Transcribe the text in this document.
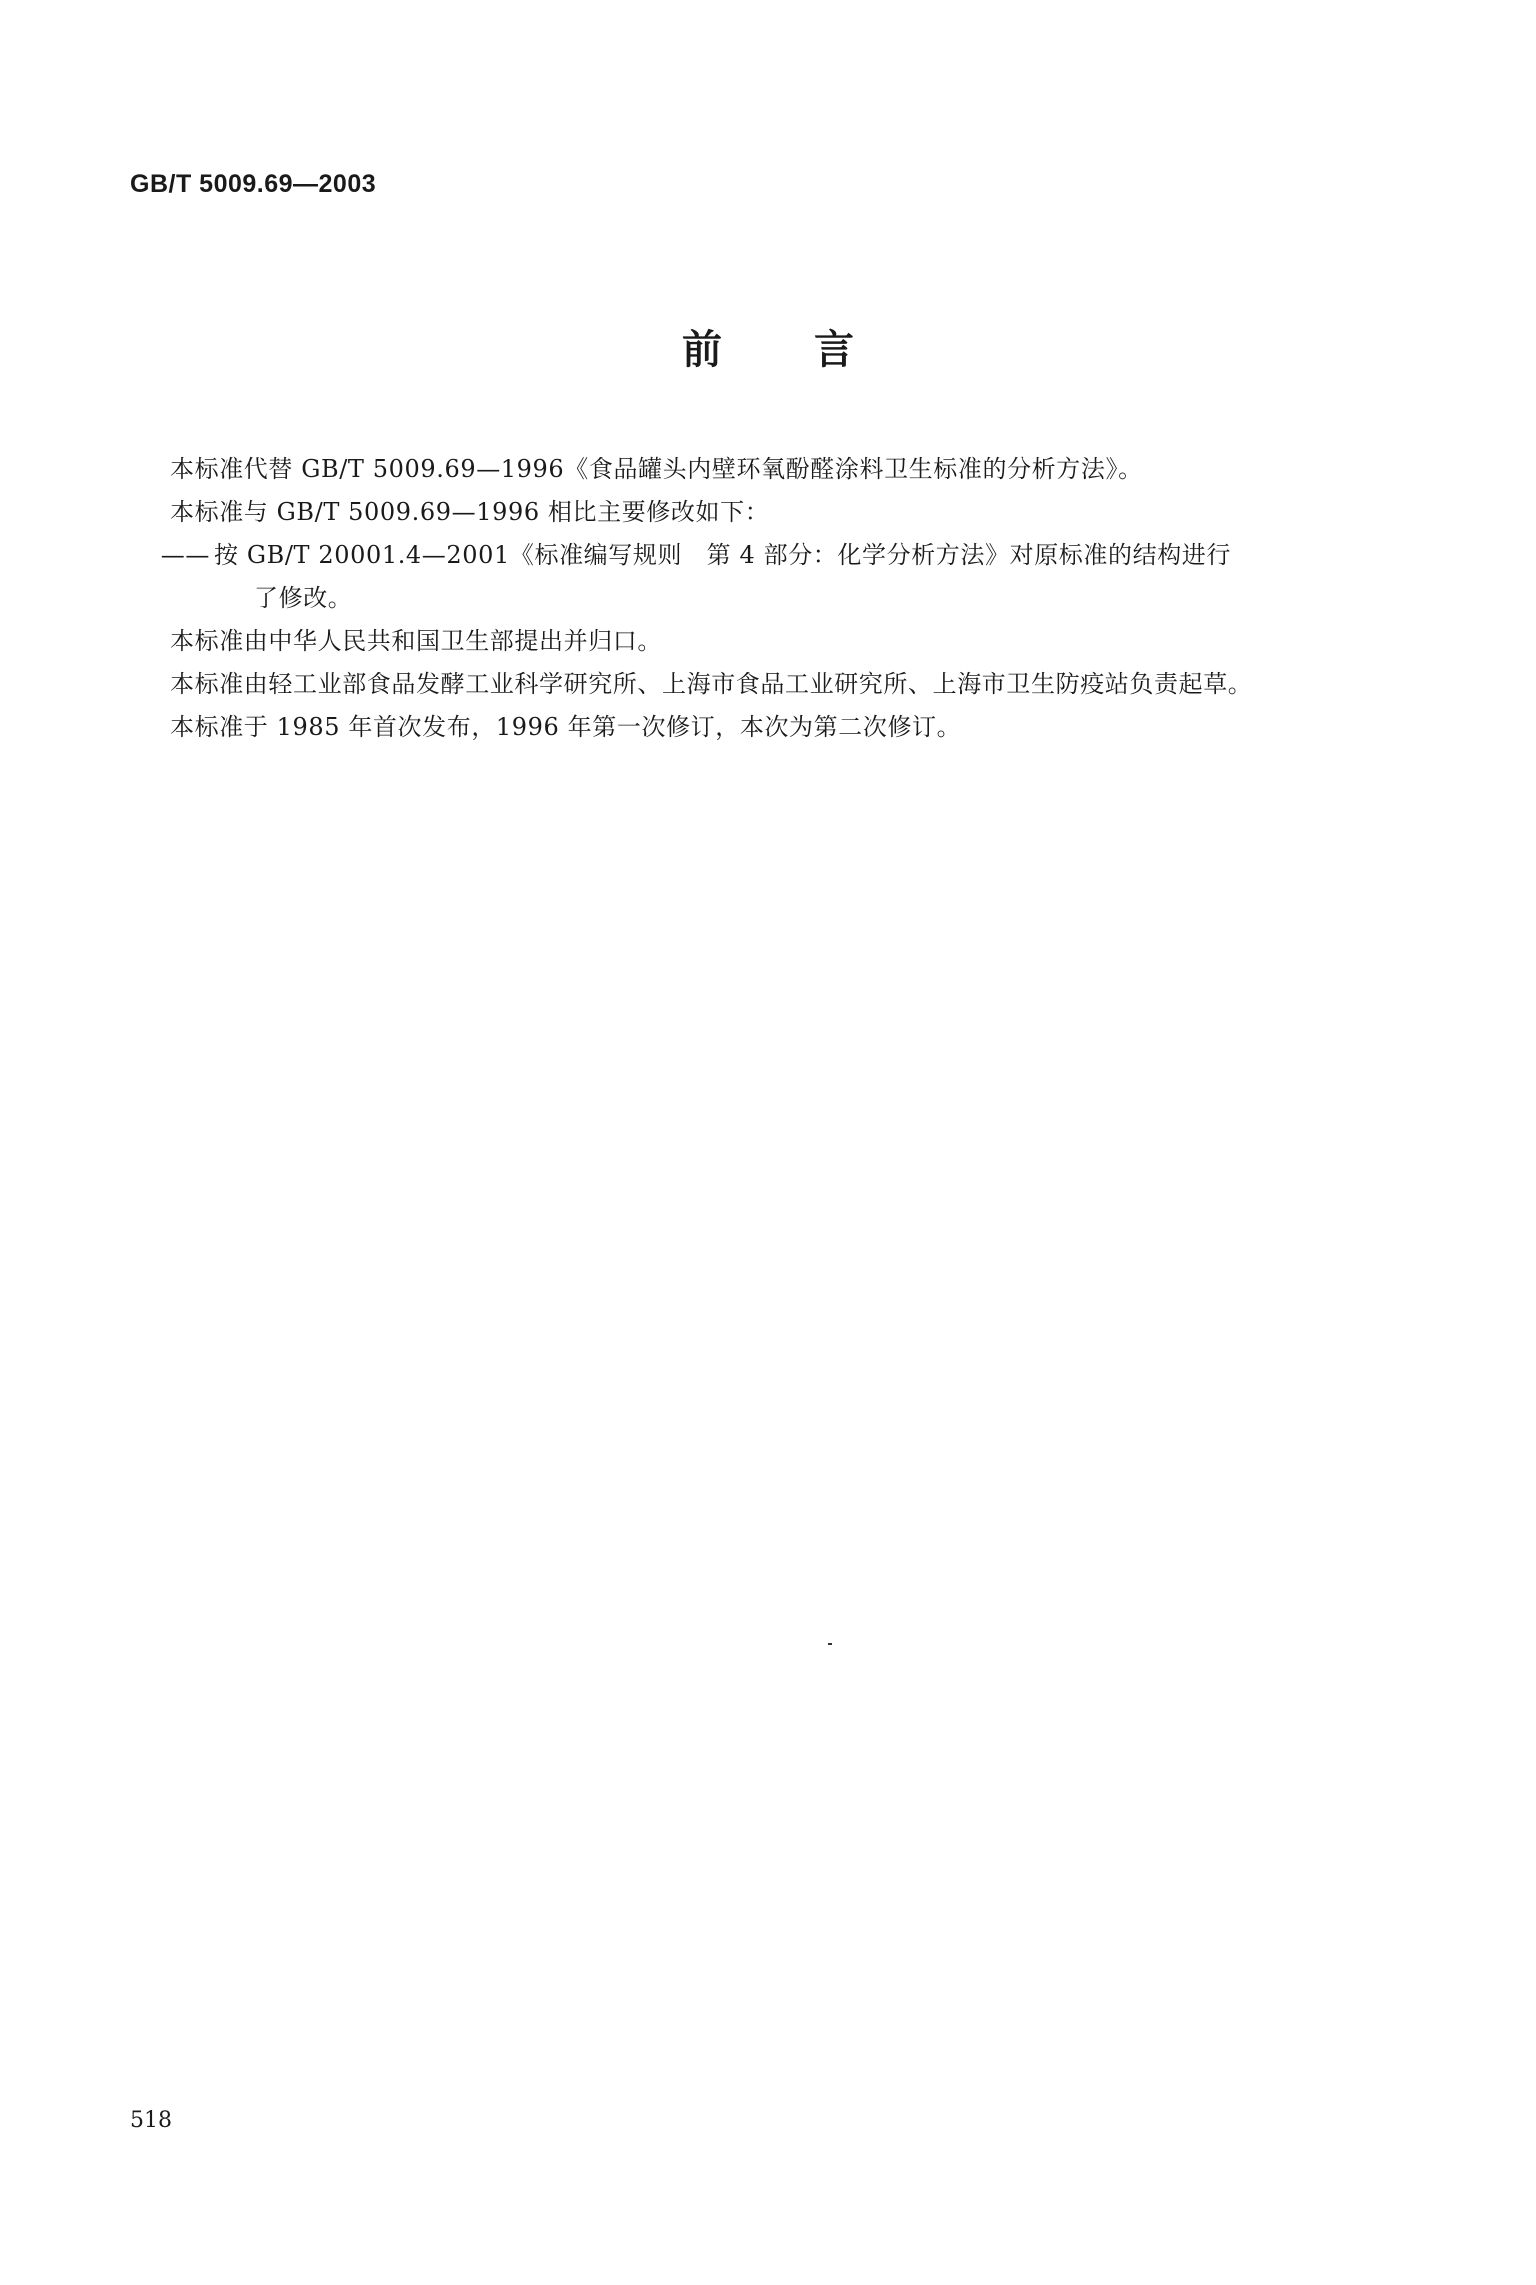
GB/T 5009.69—2003

前 言

本标准代替 GB/T 5009.69—1996《食品罐头内壁环氧酚醛涂料卫生标准的分析方法》。

本标准与 GB/T 5009.69—1996 相比主要修改如下：

—— 按 GB/T 20001.4—2001《标准编写规则　第 4 部分：化学分析方法》对原标准的结构进行
了修改。

本标准由中华人民共和国卫生部提出并归口。

本标准由轻工业部食品发酵工业科学研究所、上海市食品工业研究所、上海市卫生防疫站负责起草。

本标准于 1985 年首次发布，1996 年第一次修订，本次为第二次修订。

518
